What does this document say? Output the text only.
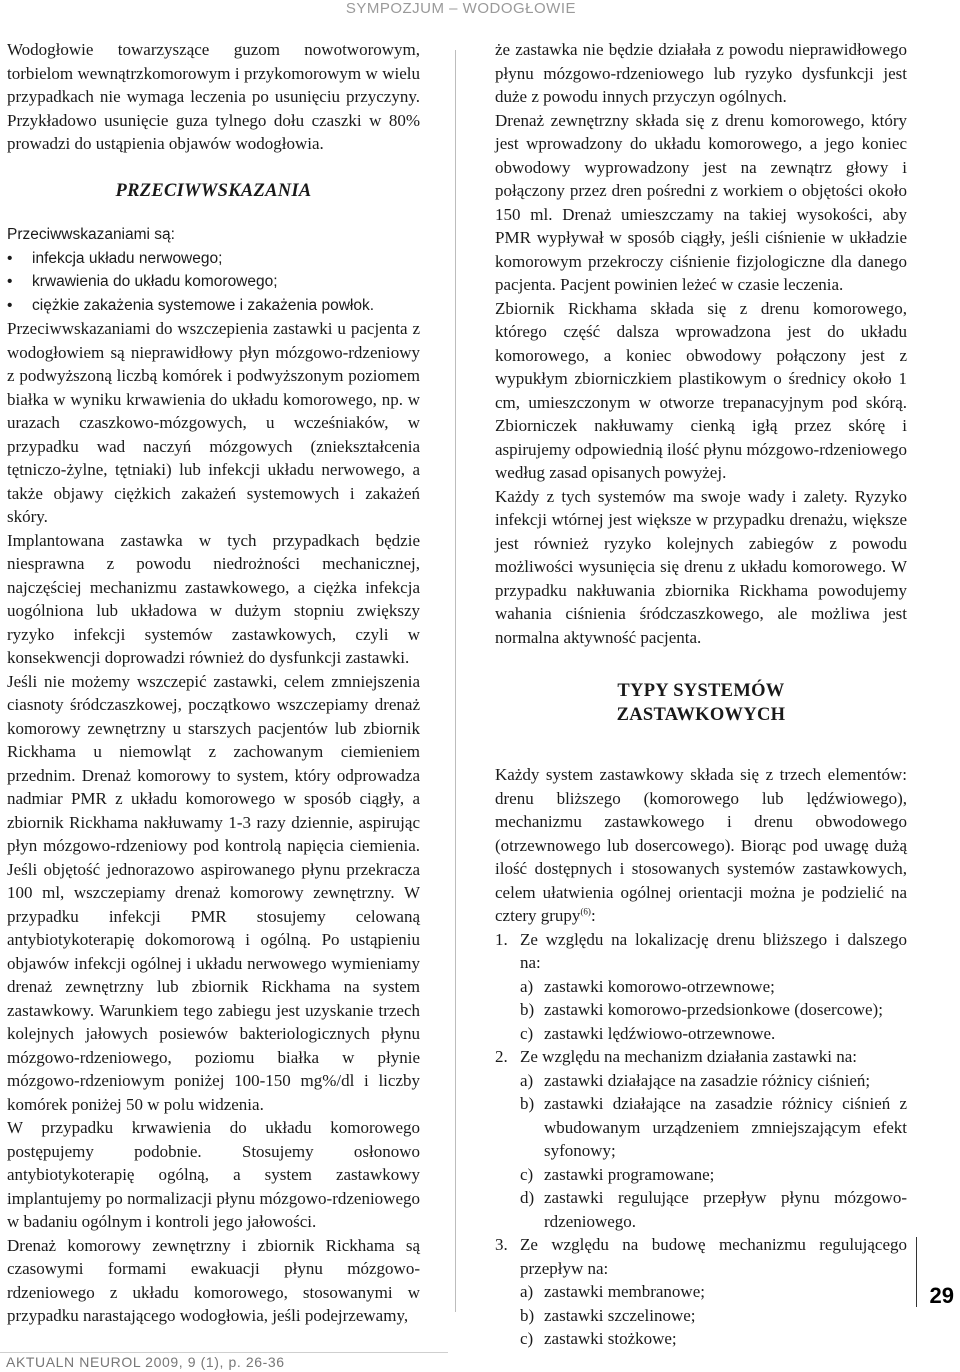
SYMPOZJUM – WODOGŁOWIE

Wodogłowie towarzyszące guzom nowotworowym, torbielom wewnątrzkomorowym i przykomorowym w wielu przypadkach nie wymaga leczenia po usunięciu przyczyny. Przykładowo usunięcie guza tylnego dołu czaszki w 80% prowadzi do ustąpienia objawów wodogłowia.

PRZECIWWSKAZANIA

Przeciwwskazaniami są:

• infekcja układu nerwowego;
• krwawienia do układu komorowego;
• ciężkie zakażenia systemowe i zakażenia powłok.

Przeciwwskazaniami do wszczepienia zastawki u pacjenta z wodogłowiem są nieprawidłowy płyn mózgowo-rdzeniowy z podwyższoną liczbą komórek i podwyższonym poziomem białka w wyniku krwawienia do układu komorowego, np. w urazach czaszkowo-mózgowych, u wcześniaków, w przypadku wad naczyń mózgowych (zniekształcenia tętniczo-żylne, tętniaki) lub infekcji układu nerwowego, a także objawy ciężkich zakażeń systemowych i zakażeń skóry.

Implantowana zastawka w tych przypadkach będzie niesprawna z powodu niedrożności mechanicznej, najczęściej mechanizmu zastawkowego, a ciężka infekcja uogólniona lub układowa w dużym stopniu zwiększy ryzyko infekcji systemów zastawkowych, czyli w konsekwencji doprowadzi również do dysfunkcji zastawki.

Jeśli nie możemy wszczepić zastawki, celem zmniejszenia ciasnoty śródczaszkowej, początkowo wszczepiamy drenaż komorowy zewnętrzny u starszych pacjentów lub zbiornik Rickhama u niemowląt z zachowanym ciemieniem przednim. Drenaż komorowy to system, który odprowadza nadmiar PMR z układu komorowego w sposób ciągły, a zbiornik Rickhama nakłuwamy 1-3 razy dziennie, aspirując płyn mózgowo-rdzeniowy pod kontrolą napięcia ciemienia. Jeśli objętość jednorazowo aspirowanego płynu przekracza 100 ml, wszczepiamy drenaż komorowy zewnętrzny. W przypadku infekcji PMR stosujemy celowaną antybiotykoterapię dokomorową i ogólną. Po ustąpieniu objawów infekcji ogólnej i układu nerwowego wymieniamy drenaż zewnętrzny lub zbiornik Rickhama na system zastawkowy. Warunkiem tego zabiegu jest uzyskanie trzech kolejnych jałowych posiewów bakteriologicznych płynu mózgowo-rdzeniowego, poziomu białka w płynie mózgowo-rdzeniowym poniżej 100-150 mg%/dl i liczby komórek poniżej 50 w polu widzenia.

W przypadku krwawienia do układu komorowego postępujemy podobnie. Stosujemy osłonowo antybiotykoterapię ogólną, a system zastawkowy implantujemy po normalizacji płynu mózgowo-rdzeniowego w badaniu ogólnym i kontroli jego jałowości.

Drenaż komorowy zewnętrzny i zbiornik Rickhama są czasowymi formami ewakuacji płynu mózgowo-rdzeniowego z układu komorowego, stosowanymi w przypadku narastającego wodogłowia, jeśli podejrzewamy,

że zastawka nie będzie działała z powodu nieprawidłowego płynu mózgowo-rdzeniowego lub ryzyko dysfunkcji jest duże z powodu innych przyczyn ogólnych.

Drenaż zewnętrzny składa się z drenu komorowego, który jest wprowadzony do układu komorowego, a jego koniec obwodowy wyprowadzony jest na zewnątrz głowy i połączony przez dren pośredni z workiem o objętości około 150 ml. Drenaż umieszczamy na takiej wysokości, aby PMR wypływał w sposób ciągły, jeśli ciśnienie w układzie komorowym przekroczy ciśnienie fizjologiczne dla danego pacjenta. Pacjent powinien leżeć w czasie leczenia.

Zbiornik Rickhama składa się z drenu komorowego, którego część dalsza wprowadzona jest do układu komorowego, a koniec obwodowy połączony jest z wypukłym zbiorniczkiem plastikowym o średnicy około 1 cm, umieszczonym w otworze trepanacyjnym pod skórą. Zbiorniczek nakłuwamy cienką igłą przez skórę i aspirujemy odpowiednią ilość płynu mózgowo-rdzeniowego według zasad opisanych powyżej.

Każdy z tych systemów ma swoje wady i zalety. Ryzyko infekcji wtórnej jest większe w przypadku drenażu, większe jest również ryzyko kolejnych zabiegów z powodu możliwości wysunięcia się drenu z układu komorowego. W przypadku nakłuwania zbiornika Rickhama powodujemy wahania ciśnienia śródczaszkowego, ale możliwa jest normalna aktywność pacjenta.

TYPY SYSTEMÓW
ZASTAWKOWYCH

Każdy system zastawkowy składa się z trzech elementów: drenu bliższego (komorowego lub lędźwiowego), mechanizmu zastawkowego i drenu obwodowego (otrzewnowego lub dosercowego). Biorąc pod uwagę dużą ilość dostępnych i stosowanych systemów zastawkowych, celem ułatwienia ogólnej orientacji można je podzielić na cztery grupy$^{(6)}$:

1. Ze względu na lokalizację drenu bliższego i dalszego na:
a) zastawki komorowo-otrzewnowe;
b) zastawki komorowo-przedsionkowe (dosercowe);
c) zastawki lędźwiowo-otrzewnowe.
2. Ze względu na mechanizm działania zastawki na:
a) zastawki działające na zasadzie różnicy ciśnień;
b) zastawki działające na zasadzie różnicy ciśnień z wbudowanym urządzeniem zmniejszającym efekt syfonowy;
c) zastawki programowane;
d) zastawki regulujące przepływ płynu mózgowo-rdzeniowego.
3. Ze względu na budowę mechanizmu regulującego przepływ na:
a) zastawki membranowe;
b) zastawki szczelinowe;
c) zastawki stożkowe;
29
AKTUALN NEUROL 2009, 9 (1), p. 26-36
